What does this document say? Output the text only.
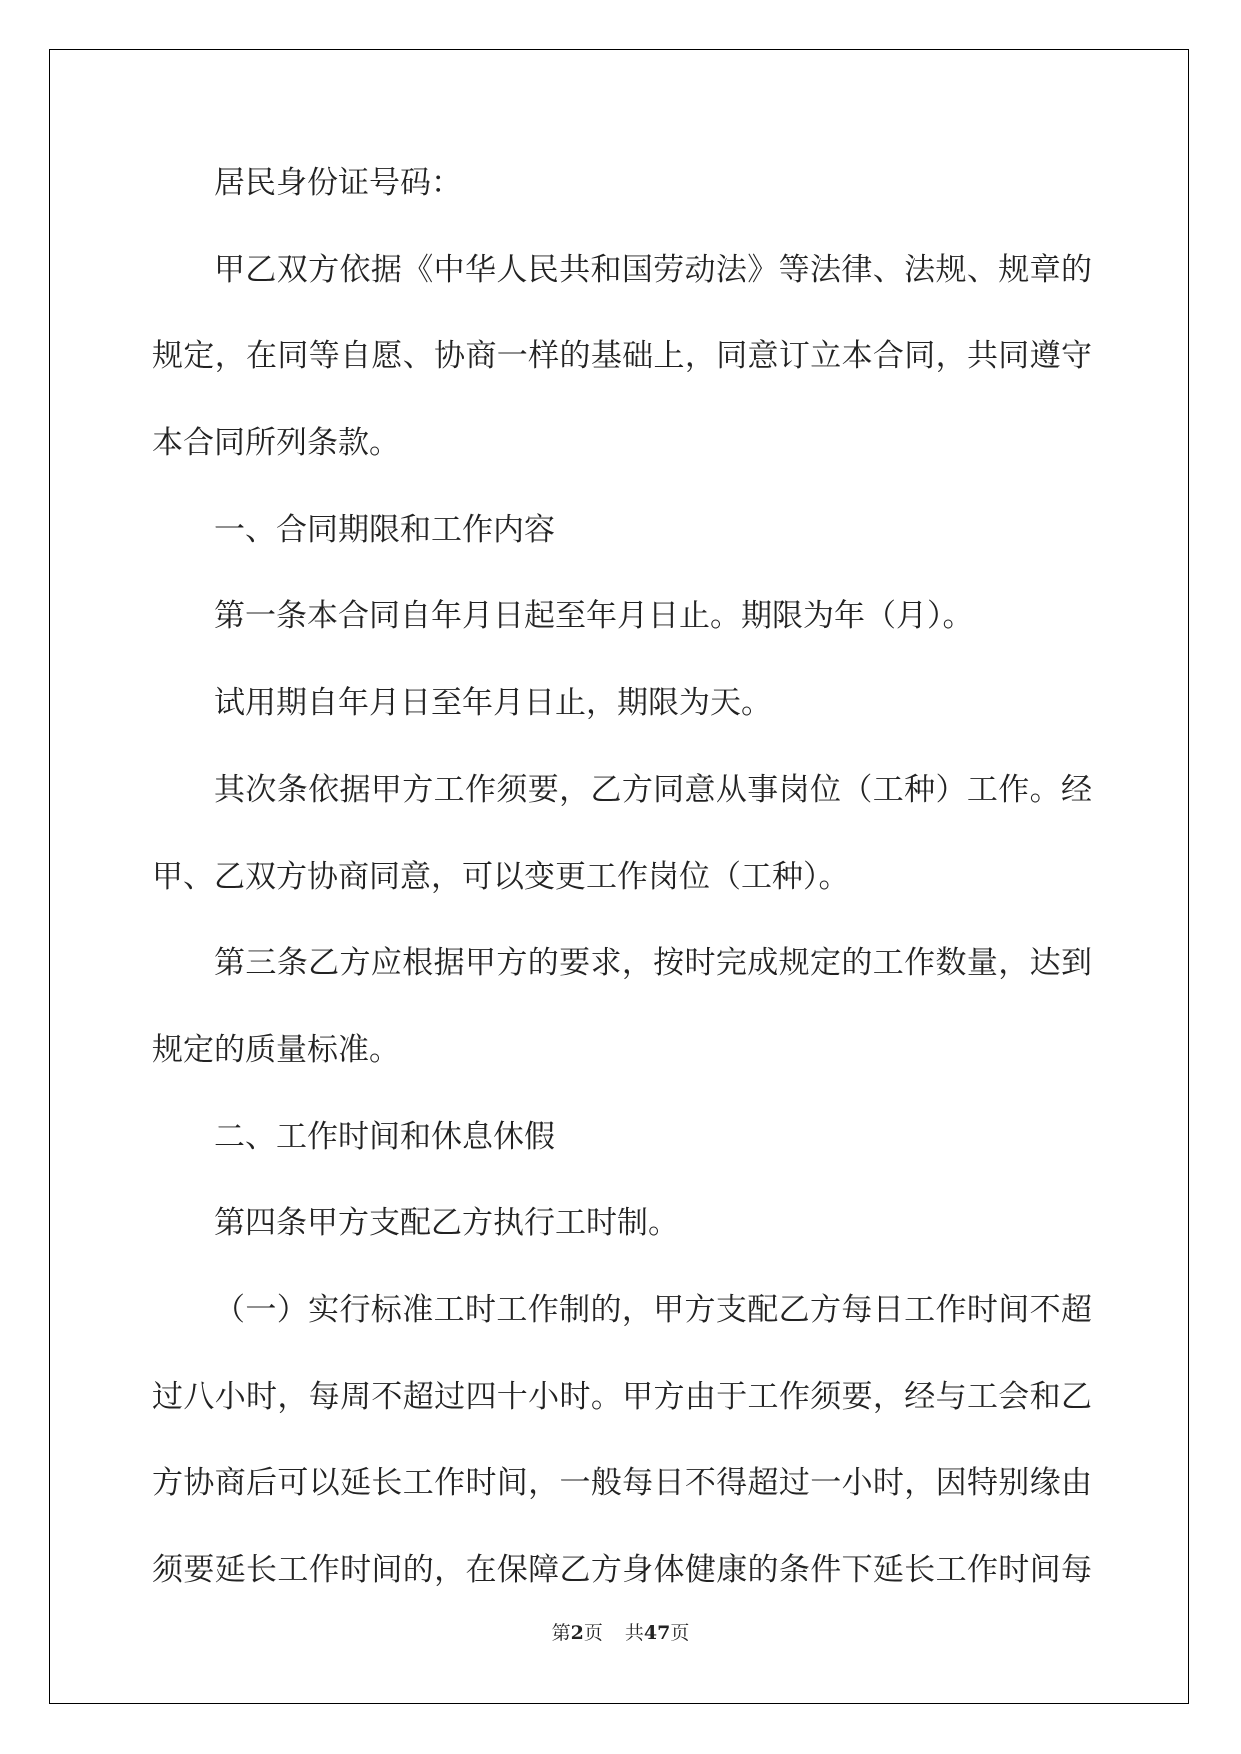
居民身份证号码：
甲乙双方依据《中华人民共和国劳动法》等法律、法规、规章的
规定，在同等自愿、协商一样的基础上，同意订立本合同，共同遵守
本合同所列条款。
一、合同期限和工作内容
第一条本合同自年月日起至年月日止。期限为年（月）。
试用期自年月日至年月日止，期限为天。
其次条依据甲方工作须要，乙方同意从事岗位（工种）工作。经
甲、乙双方协商同意，可以变更工作岗位（工种）。
第三条乙方应根据甲方的要求，按时完成规定的工作数量，达到
规定的质量标准。
二、工作时间和休息休假
第四条甲方支配乙方执行工时制。
（一）实行标准工时工作制的，甲方支配乙方每日工作时间不超
过八小时，每周不超过四十小时。甲方由于工作须要，经与工会和乙
方协商后可以延长工作时间，一般每日不得超过一小时，因特别缘由
须要延长工作时间的，在保障乙方身体健康的条件下延长工作时间每
第2页 共47页
